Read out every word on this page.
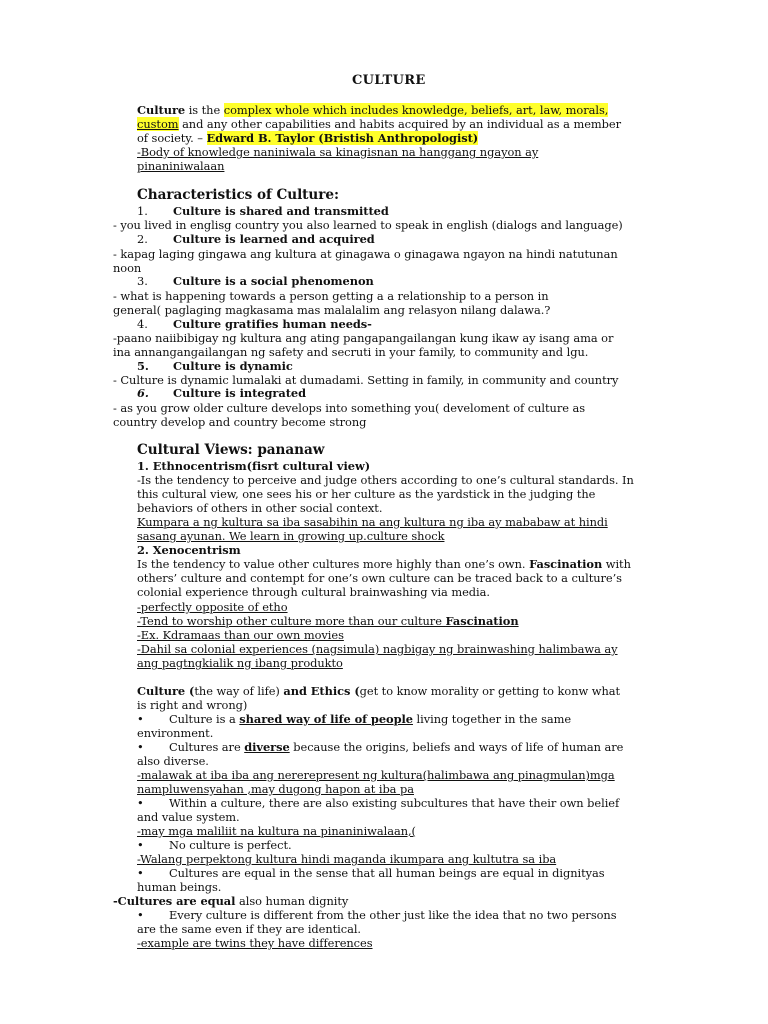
CULTURE
Culture is the complex whole which includes knowledge, beliefs, art, law, morals,
custom and any other capabilities and habits acquired by an individual as a member
of society. – Edward B. Taylor (Bristish Anthropologist)
-Body of knowledge naniniwala sa kinagisnan na hanggang ngayon ay
pinaniniwalaan
Characteristics of Culture:
1. Culture is shared and transmitted
- you lived in englisg country you also learned to speak in english (dialogs and language)
2. Culture is learned and acquired
- kapag laging gingawa ang kultura at ginagawa o ginagawa ngayon na hindi natutunan
noon
3. Culture is a social phenomenon
- what is happening towards a person getting a a relationship to a person in
general( paglaging magkasama mas malalalim ang relasyon nilang dalawa.?
4. Culture gratifies human needs-
-paano naiibibigay ng kultura ang ating pangapangailangan kung ikaw ay isang ama or
ina annangangailangan ng safety and secruti in your family, to community and lgu.
5. Culture is dynamic
- Culture is dynamic lumalaki at dumadami. Setting in family, in community and country
6. Culture is integrated
- as you grow older culture develops into something you( develoment of culture as
country develop and country become strong
Cultural Views: pananaw
1. Ethnocentrism(fisrt cultural view)
-Is the tendency to perceive and judge others according to one’s cultural standards. In
this cultural view, one sees his or her culture as the yardstick in the judging the
behaviors of others in other social context.
Kumpara a ng kultura sa iba sasabihin na ang kultura ng iba ay mababaw at hindi
sasang ayunan. We learn in growing up.culture shock
2. Xenocentrism
Is the tendency to value other cultures more highly than one’s own. Fascination with
others’ culture and contempt for one’s own culture can be traced back to a culture’s
colonial experience through cultural brainwashing via media.
-perfectly opposite of etho
-Tend to worship other culture more than our culture Fascination
-Ex. Kdramaas than our own movies
-Dahil sa colonial experiences (nagsimula) nagbigay ng brainwashing halimbawa ay
ang pagtngkialik ng ibang produkto
Culture (the way of life) and Ethics (get to know morality or getting to konw what
is right and wrong)
• Culture is a shared way of life of people living together in the same
environment.
• Cultures are diverse because the origins, beliefs and ways of life of human are
also diverse.
-malawak at iba iba ang nererepresent ng kultura(halimbawa ang pinagmulan)mga
nampluwensyahan ,may dugong hapon at iba pa
• Within a culture, there are also existing subcultures that have their own belief
and value system.
-may mga maliliit na kultura na pinaniniwalaan,(
• No culture is perfect.
-Walang perpektong kultura hindi maganda ikumpara ang kultutra sa iba
• Cultures are equal in the sense that all human beings are equal in dignityas
human beings.
-Cultures are equal also human dignity
• Every culture is different from the other just like the idea that no two persons
are the same even if they are identical.
-example are twins they have differences
